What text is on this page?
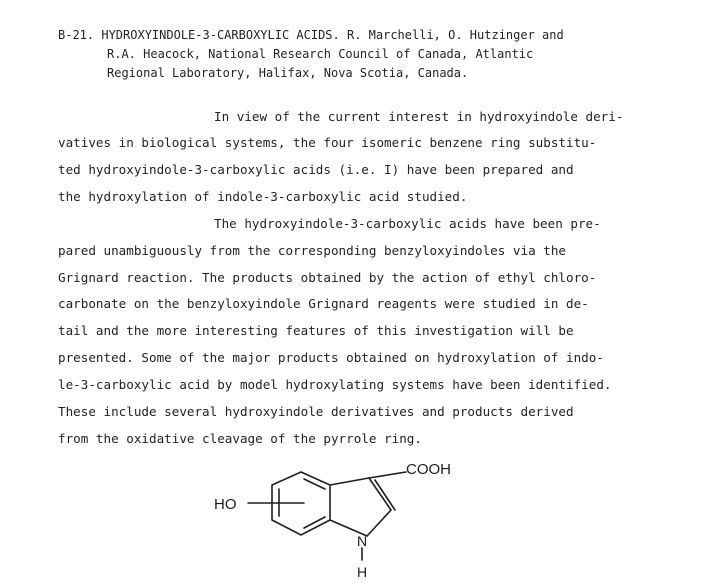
B-21. HYDROXYINDOLE-3-CARBOXYLIC ACIDS. R. Marchelli, O. Hutzinger and
R.A. Heacock, National Research Council of Canada, Atlantic
Regional Laboratory, Halifax, Nova Scotia, Canada.
In view of the current interest in hydroxyindole deri-
vatives in biological systems, the four isomeric benzene ring substitu-
ted hydroxyindole-3-carboxylic acids (i.e. I) have been prepared and
the hydroxylation of indole-3-carboxylic acid studied.
The hydroxyindole-3-carboxylic acids have been pre-
pared unambiguously from the corresponding benzyloxyindoles via the
Grignard reaction. The products obtained by the action of ethyl chloro-
carbonate on the benzyloxyindole Grignard reagents were studied in de-
tail and the more interesting features of this investigation will be
presented. Some of the major products obtained on hydroxylation of indo-
le-3-carboxylic acid by model hydroxylating systems have been identified.
These include several hydroxyindole derivatives and products derived
from the oxidative cleavage of the pyrrole ring.
HO
COOH
N
H
